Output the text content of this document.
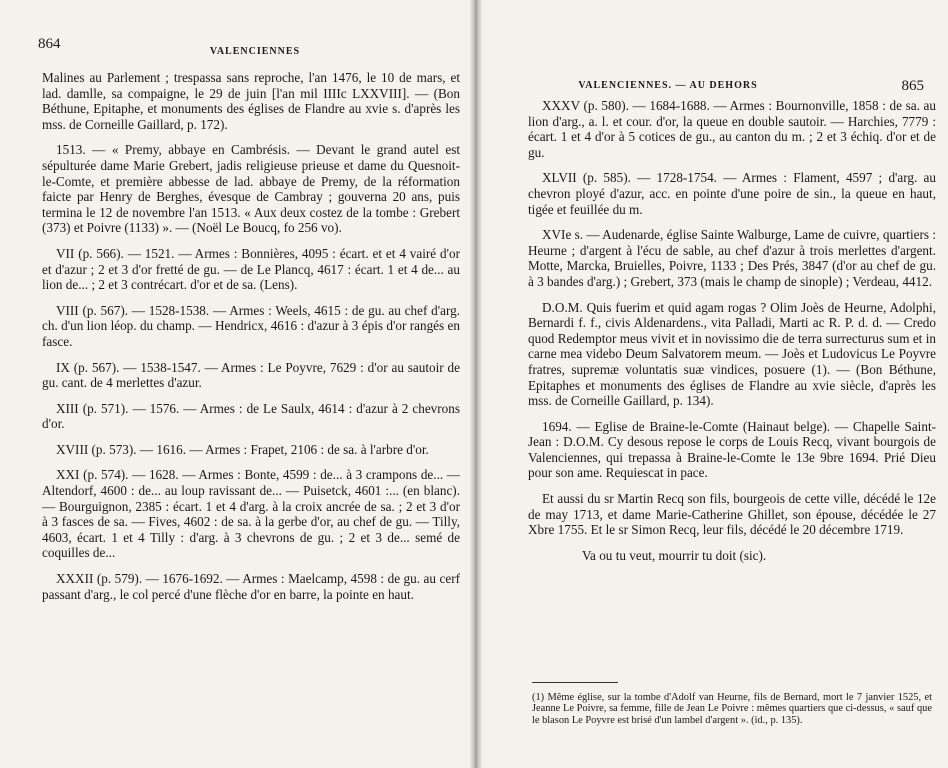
864	VALENCIENNES

Malines au Parlement ; trespassa sans reproche, l'an 1476, le 10 de mars, et lad. damlle, sa compaigne, le 29 de juin [l'an mil IIIIc LXXVIII]. — (Bon Béthune, Epitaphe, et monuments des églises de Flandre au xvie s. d'après les mss. de Corneille Gaillard, p. 172).

1513. — « Premy, abbaye en Cambrésis. — Devant le grand autel est sépulturée dame Marie Grebert, jadis religieuse prieuse et dame du Quesnoit-le-Comte, et première abbesse de lad. abbaye de Premy, de la réformation faicte par Henry de Berghes, évesque de Cambray ; gouverna 20 ans, puis termina le 12 de novembre l'an 1513. « Aux deux costez de la tombe : Grebert (373) et Poivre (1133) ». — (Noël Le Boucq, fo 256 vo).

VII (p. 566). — 1521. — Armes : Bonnières, 4095 : écart. et et 4 vairé d'or et d'azur ; 2 et 3 d'or fretté de gu. — de Le Plancq, 4617 : écart. 1 et 4 de... au lion de... ; 2 et 3 contrécart. d'or et de sa. (Lens).

VIII (p. 567). — 1528-1538. — Armes : Weels, 4615 : de gu. au chef d'arg. ch. d'un lion léop. du champ. — Hendricx, 4616 : d'azur à 3 épis d'or rangés en fasce.

IX (p. 567). — 1538-1547. — Armes : Le Poyvre, 7629 : d'or au sautoir de gu. cant. de 4 merlettes d'azur.

XIII (p. 571). — 1576. — Armes : de Le Saulx, 4614 : d'azur à 2 chevrons d'or.

XVIII (p. 573). — 1616. — Armes : Frapet, 2106 : de sa. à l'arbre d'or.

XXI (p. 574). — 1628. — Armes : Bonte, 4599 : de... à 3 crampons de... — Altendorf, 4600 : de... au loup ravissant de... — Puisetck, 4601 :... (en blanc). — Bourguignon, 2385 : écart. 1 et 4 d'arg. à la croix ancrée de sa. ; 2 et 3 d'or à 3 fasces de sa. — Fives, 4602 : de sa. à la gerbe d'or, au chef de gu. — Tilly, 4603, écart. 1 et 4 Tilly : d'arg. à 3 chevrons de gu. ; 2 et 3 de... semé de coquilles de...

XXXII (p. 579). — 1676-1692. — Armes : Maelcamp, 4598 : de gu. au cerf passant d'arg., le col percé d'une flèche d'or en barre, la pointe en haut.

VALENCIENNES. — AU DEHORS	865

XXXV (p. 580). — 1684-1688. — Armes : Bournonville, 1858 : de sa. au lion d'arg., a. l. et cour. d'or, la queue en double sautoir. — Harchies, 7779 : écart. 1 et 4 d'or à 5 cotices de gu., au canton du m. ; 2 et 3 échiq. d'or et de gu.

XLVII (p. 585). — 1728-1754. — Armes : Flament, 4597 ; d'arg. au chevron ployé d'azur, acc. en pointe d'une poire de sin., la queue en haut, tigée et feuillée du m.

XVIe s. — Audenarde, église Sainte Walburge, Lame de cuivre, quartiers : Heurne ; d'argent à l'écu de sable, au chef d'azur à trois merlettes d'argent. Motte, Marcka, Bruielles, Poivre, 1133 ; Des Prés, 3847 (d'or au chef de gu. à 3 bandes d'arg.) ; Grebert, 373 (mais le champ de sinople) ; Verdeau, 4412.

D.O.M. Quis fuerim et quid agam rogas ? Olim Joès de Heurne, Adolphi, Bernardi f. f., civis Aldenardens., vita Palladi, Marti ac R. P. d. d. — Credo quod Redemptor meus vivit et in novissimo die de terra surrecturus sum et in carne mea videbo Deum Salvatorem meum. — Joès et Ludovicus Le Poyvre fratres, supremæ voluntatis suæ vindices, posuere (1). — (Bon Béthune, Epitaphes et monuments des églises de Flandre au xvie siècle, d'après les mss. de Corneille Gaillard, p. 134).

1694. — Eglise de Braine-le-Comte (Hainaut belge). — Chapelle Saint-Jean : D.O.M. Cy desous repose le corps de Louis Recq, vivant bourgois de Valenciennes, qui trepassa à Braine-le-Comte le 13e 9bre 1694. Prié Dieu pour son ame. Requiescat in pace.

Et aussi du sr Martin Recq son fils, bourgeois de cette ville, décédé le 12e de may 1713, et dame Marie-Catherine Ghillet, son épouse, décédée le 27 Xbre 1755. Et le sr Simon Recq, leur fils, décédé le 20 décembre 1719.

Va ou tu veut, mourrir tu doit (sic).

(1) Même église, sur la tombe d'Adolf van Heurne, fils de Bernard, mort le 7 janvier 1525, et Jeanne Le Poivre, sa femme, fille de Jean Le Poivre : mêmes quartiers que ci-dessus, « sauf que le blason Le Poyvre est brisé d'un lambel d'argent ». (id., p. 135).
